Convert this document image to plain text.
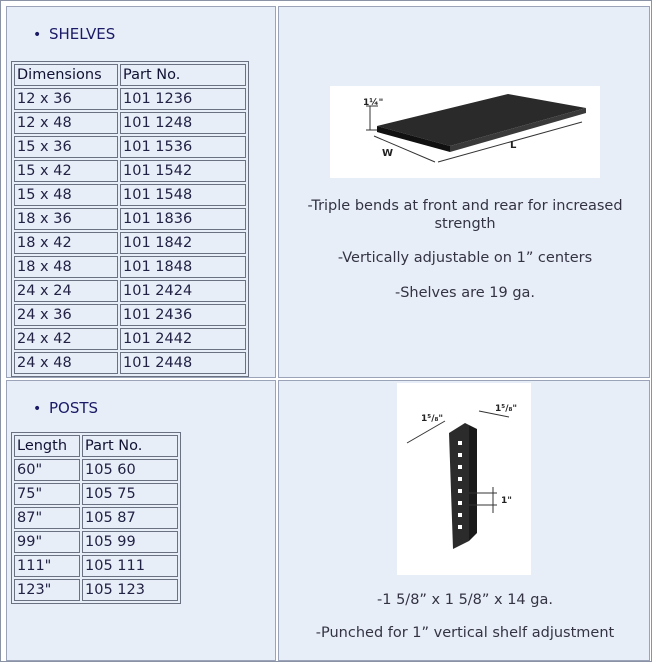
• SHELVES
Dimensions	Part No.
12 x 36	101 1236
12 x 48	101 1248
15 x 36	101 1536
15 x 42	101 1542
15 x 48	101 1548
18 x 36	101 1836
18 x 42	101 1842
18 x 48	101 1848
24 x 24	101 2424
24 x 36	101 2436
24 x 42	101 2442
24 x 48	101 2448
1¼"
W
L
-Triple bends at front and rear for increased strength
-Vertically adjustable on 1” centers
-Shelves are 19 ga.
• POSTS
Length	Part No.
60"	105 60
75"	105 75
87"	105 87
99"	105 99
111"	105 111
123"	105 123
1⁵/₈"
1⁵/₈"
1"
-1 5/8” x 1 5/8” x 14 ga.
-Punched for 1” vertical shelf adjustment
